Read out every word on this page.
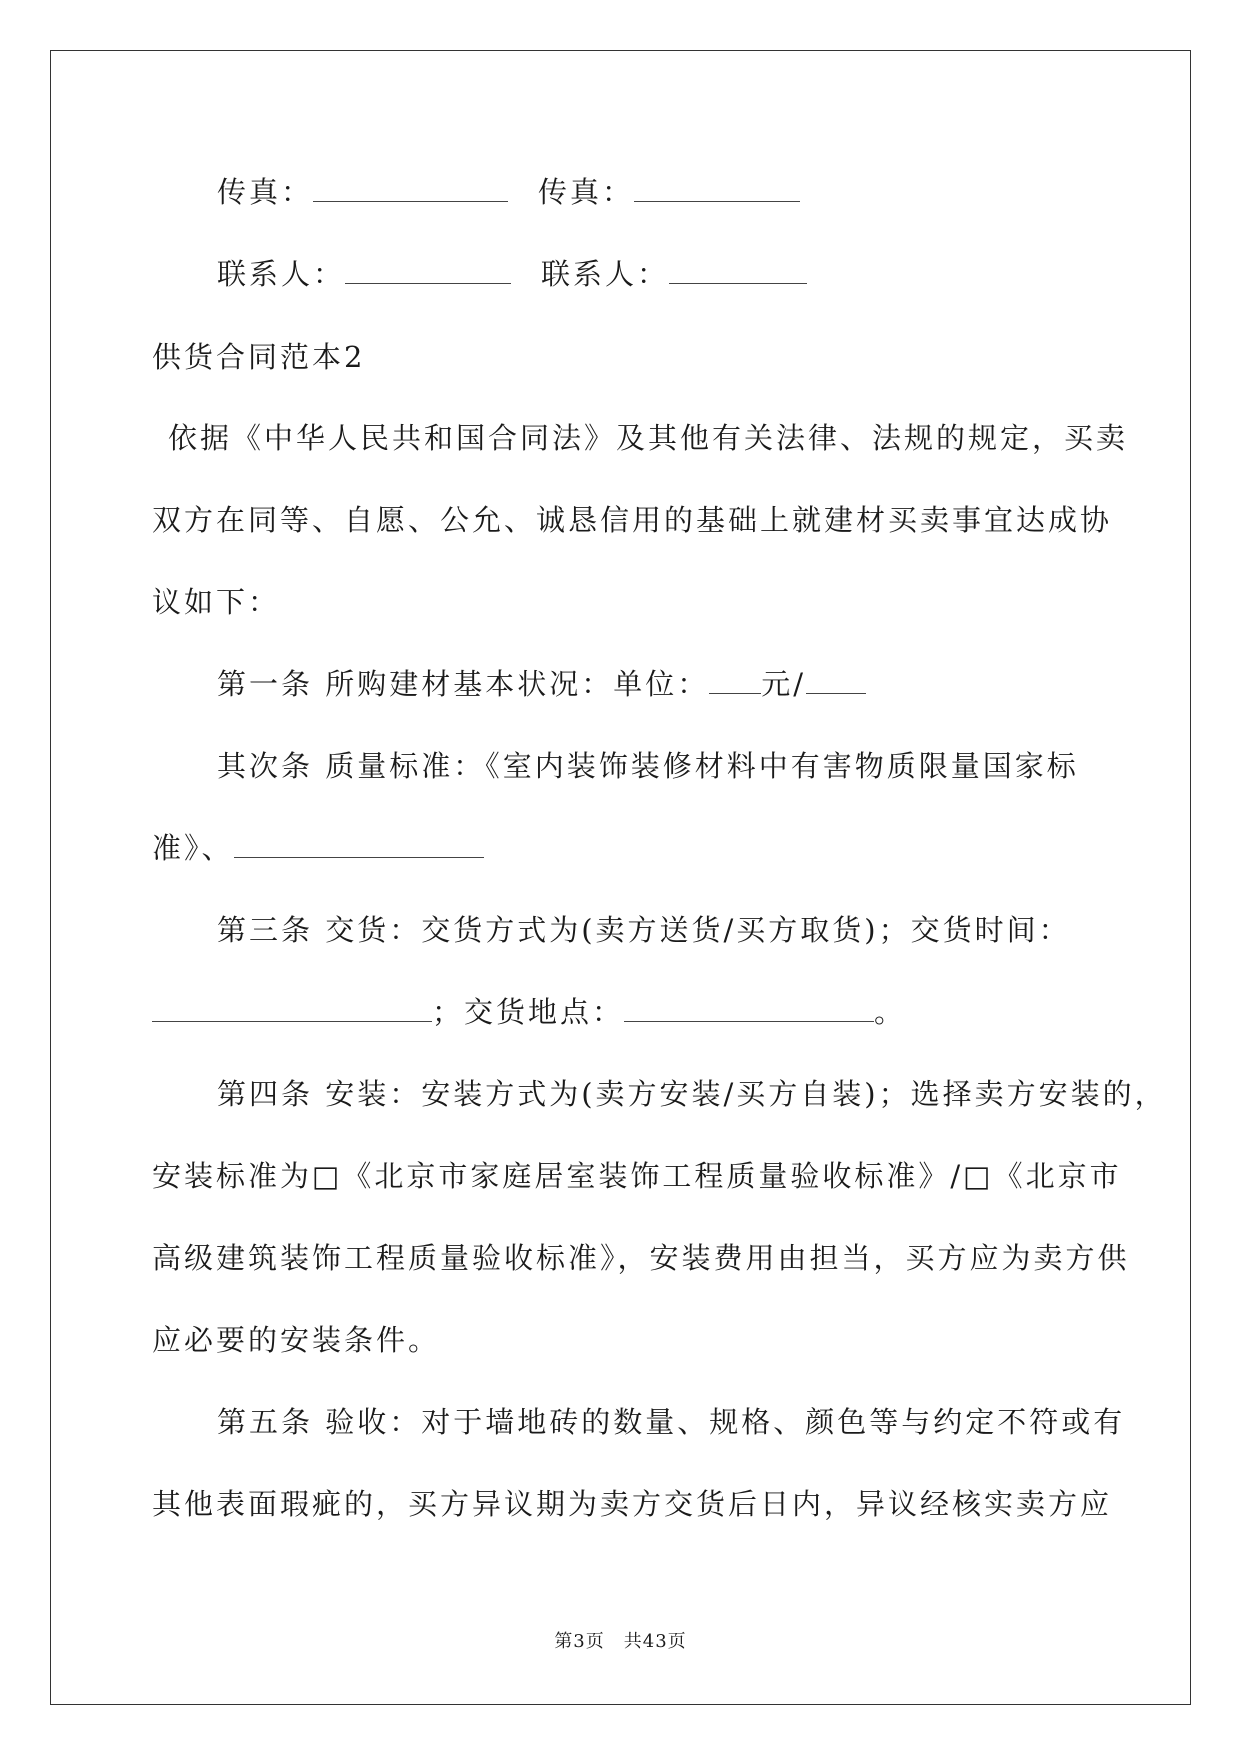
传真：	传真：
联系人：	联系人：
供货合同范本2
依据《中华人民共和国合同法》及其他有关法律、法规的规定，买卖
双方在同等、自愿、公允、诚恳信用的基础上就建材买卖事宜达成协
议如下：
第一条 所购建材基本状况：单位： 元/
其次条 质量标准：《室内装饰装修材料中有害物质限量国家标
准》、
第三条 交货：交货方式为(卖方送货/买方取货)；交货时间：
；交货地点：	。
第四条 安装：安装方式为(卖方安装/买方自装)；选择卖方安装的，
安装标准为□《北京市家庭居室装饰工程质量验收标准》/□《北京市
高级建筑装饰工程质量验收标准》，安装费用由担当，买方应为卖方供
应必要的安装条件。
第五条 验收：对于墙地砖的数量、规格、颜色等与约定不符或有
其他表面瑕疵的，买方异议期为卖方交货后日内，异议经核实卖方应
第3页　共43页
